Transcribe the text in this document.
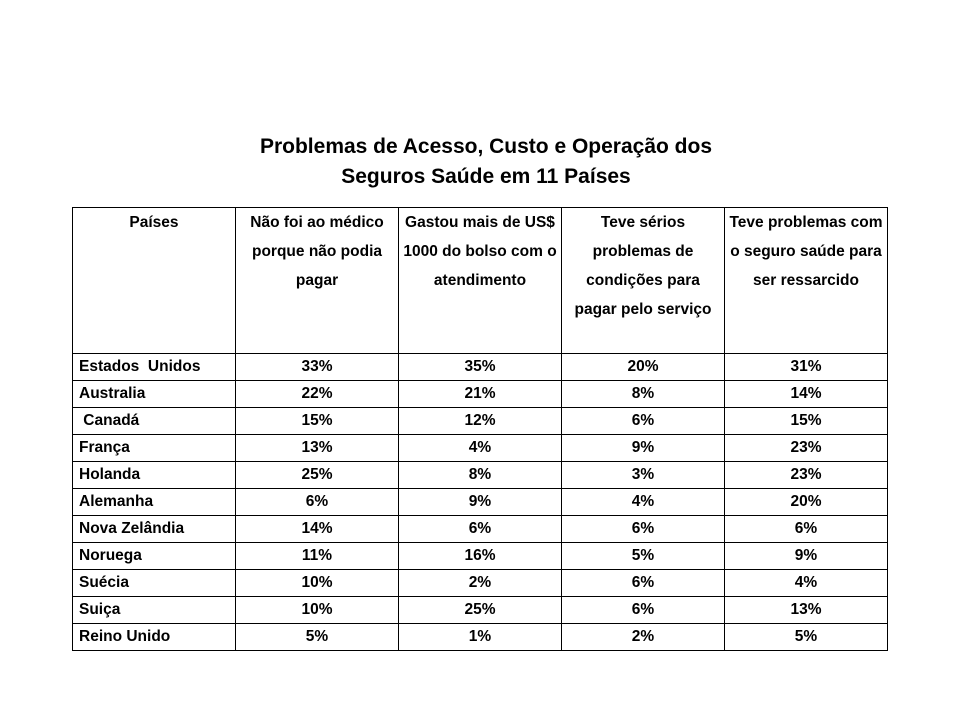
Problemas de Acesso, Custo e Operação dos
Seguros Saúde em 11 Países
Países	Não foi ao médico porque não podia pagar	Gastou mais de US$ 1000 do bolso com o atendimento	Teve sérios problemas de condições para pagar pelo serviço	Teve problemas com o seguro saúde para ser ressarcido
Estados  Unidos	33%	35%	20%	31%
Australia	22%	21%	8%	14%
Canadá	15%	12%	6%	15%
França	13%	4%	9%	23%
Holanda	25%	8%	3%	23%
Alemanha	6%	9%	4%	20%
Nova Zelândia	14%	6%	6%	6%
Noruega	11%	16%	5%	9%
Suécia	10%	2%	6%	4%
Suiça	10%	25%	6%	13%
Reino Unido	5%	1%	2%	5%
